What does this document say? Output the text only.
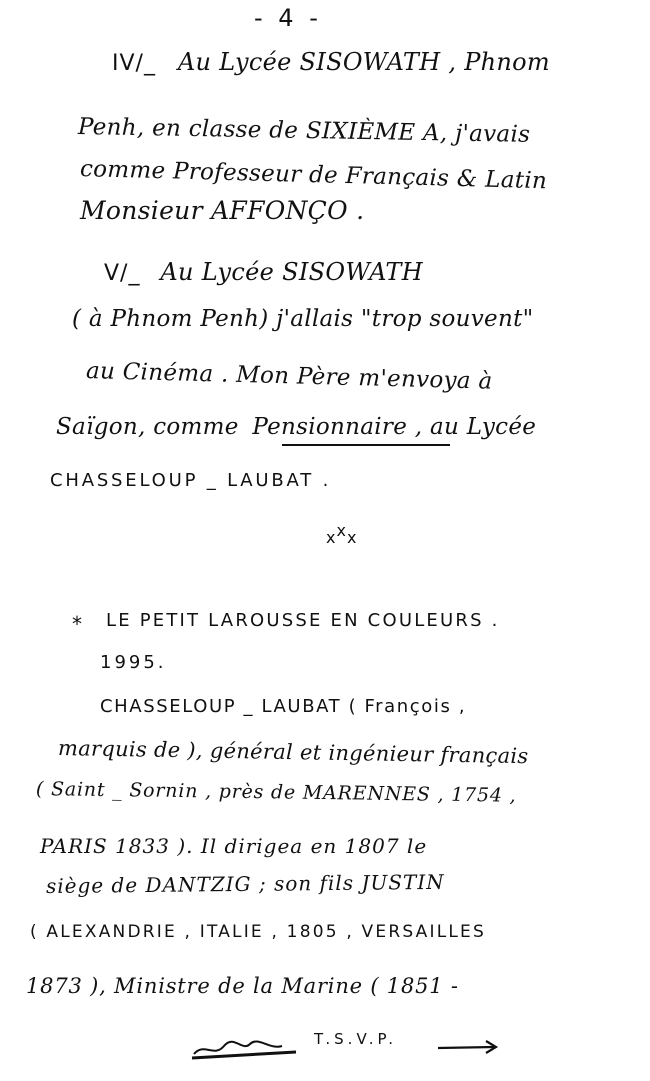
- 4 -
IV/_ Au Lycée SISOWATH , Phnom
Penh, en classe de SIXIÈME A, j'avais
comme Professeur de Français & Latin
Monsieur AFFONÇO .
V/_ Au Lycée SISOWATH
( à Phnom Penh) j'allais "trop souvent"
au Cinéma . Mon Père m'envoya à
Saïgon, comme Pensionnaire , au Lycée
CHASSELOUP _ LAUBAT .
xxx
* LE PETIT LAROUSSE EN COULEURS .
1995.
CHASSELOUP _ LAUBAT ( François ,
marquis de ), général et ingénieur français
( Saint _ Sornin , près de MARENNES , 1754 ,
PARIS 1833 ). Il dirigea en 1807 le
siège de DANTZIG ; son fils JUSTIN
( ALEXANDRIE , ITALIE , 1805 , VERSAILLES
1873 ), Ministre de la Marine ( 1851 -
T.S.V.P.
